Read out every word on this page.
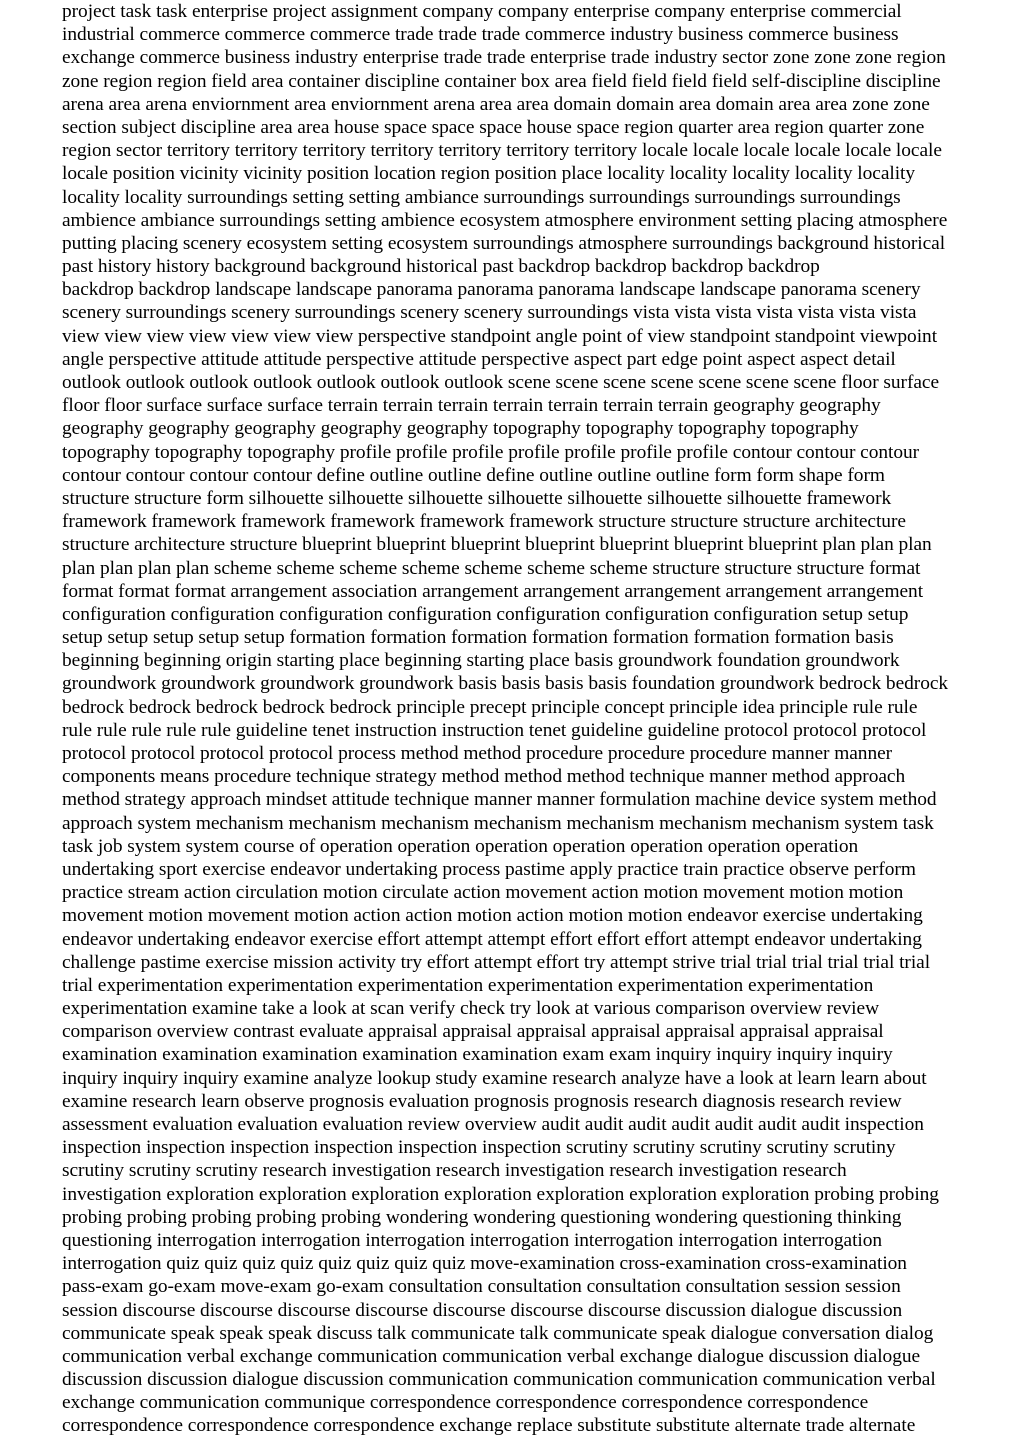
project task task enterprise project assignment company company enterprise company enterprise commercial

industrial commerce commerce commerce trade trade trade commerce industry business commerce business

exchange commerce business industry enterprise trade trade enterprise trade industry sector zone zone zone region

zone region region field area container discipline container box area field field field field self-discipline discipline

arena area arena enviornment area enviornment arena area area domain domain area domain area area zone zone

section subject discipline area area house space space space house space region quarter area region quarter zone

region sector territory territory territory territory territory territory territory locale locale locale locale locale locale

locale position vicinity vicinity position location region position place locality locality locality locality locality

locality locality surroundings setting setting ambiance surroundings surroundings surroundings surroundings

ambience ambiance surroundings setting ambience ecosystem atmosphere environment setting placing atmosphere

putting placing scenery ecosystem setting ecosystem surroundings atmosphere surroundings background historical

past history history background background historical past backdrop backdrop backdrop backdrop

backdrop backdrop landscape landscape panorama panorama panorama landscape landscape panorama scenery

scenery surroundings scenery surroundings scenery scenery surroundings vista vista vista vista vista vista vista

view view view view view view view perspective standpoint angle point of view standpoint standpoint viewpoint

angle perspective attitude attitude perspective attitude perspective aspect part edge point aspect aspect detail

outlook outlook outlook outlook outlook outlook outlook scene scene scene scene scene scene scene floor surface

floor floor surface surface surface terrain terrain terrain terrain terrain terrain terrain geography geography

geography geography geography geography geography topography topography topography topography

topography topography topography profile profile profile profile profile profile profile contour contour contour

contour contour contour contour define outline outline define outline outline outline form form shape form

structure structure form silhouette silhouette silhouette silhouette silhouette silhouette silhouette framework

framework framework framework framework framework framework structure structure structure architecture

structure architecture structure blueprint blueprint blueprint blueprint blueprint blueprint blueprint plan plan plan

plan plan plan plan scheme scheme scheme scheme scheme scheme scheme structure structure structure format

format format format arrangement association arrangement arrangement arrangement arrangement arrangement

configuration configuration configuration configuration configuration configuration configuration setup setup

setup setup setup setup setup formation formation formation formation formation formation formation basis

beginning beginning origin starting place beginning starting place basis groundwork foundation groundwork

groundwork groundwork groundwork groundwork basis basis basis basis foundation groundwork bedrock bedrock

bedrock bedrock bedrock bedrock bedrock principle precept principle concept principle idea principle rule rule

rule rule rule rule rule guideline tenet instruction instruction tenet guideline guideline protocol protocol protocol

protocol protocol protocol protocol process method method procedure procedure procedure manner manner

components means procedure technique strategy method method method technique manner method approach

method strategy approach mindset attitude technique manner manner formulation machine device system method

approach system mechanism mechanism mechanism mechanism mechanism mechanism mechanism system task

task job system system course of operation operation operation operation operation operation operation

undertaking sport exercise endeavor undertaking process pastime apply practice train practice observe perform

practice stream action circulation motion circulate action movement action motion movement motion motion

movement motion movement motion action action motion action motion motion endeavor exercise undertaking

endeavor undertaking endeavor exercise effort attempt attempt effort effort effort attempt endeavor undertaking

challenge pastime exercise mission activity try effort attempt effort try attempt strive trial trial trial trial trial trial

trial experimentation experimentation experimentation experimentation experimentation experimentation

experimentation examine take a look at scan verify check try look at various comparison overview review

comparison overview contrast evaluate appraisal appraisal appraisal appraisal appraisal appraisal appraisal

examination examination examination examination examination exam exam inquiry inquiry inquiry inquiry

inquiry inquiry inquiry examine analyze lookup study examine research analyze have a look at learn learn about

examine research learn observe prognosis evaluation prognosis prognosis research diagnosis research review

assessment evaluation evaluation evaluation review overview audit audit audit audit audit audit audit inspection

inspection inspection inspection inspection inspection inspection scrutiny scrutiny scrutiny scrutiny scrutiny

scrutiny scrutiny scrutiny research investigation research investigation research investigation research

investigation exploration exploration exploration exploration exploration exploration exploration probing probing

probing probing probing probing probing wondering wondering questioning wondering questioning thinking

questioning interrogation interrogation interrogation interrogation interrogation interrogation interrogation

interrogation quiz quiz quiz quiz quiz quiz quiz quiz move-examination cross-examination cross-examination

pass-exam go-exam move-exam go-exam consultation consultation consultation consultation session session

session discourse discourse discourse discourse discourse discourse discourse discussion dialogue discussion

communicate speak speak speak discuss talk communicate talk communicate speak dialogue conversation dialog

communication verbal exchange communication communication verbal exchange dialogue discussion dialogue

discussion discussion dialogue discussion communication communication communication communication verbal

exchange communication communique correspondence correspondence correspondence correspondence

correspondence correspondence correspondence exchange replace substitute substitute alternate trade alternate
